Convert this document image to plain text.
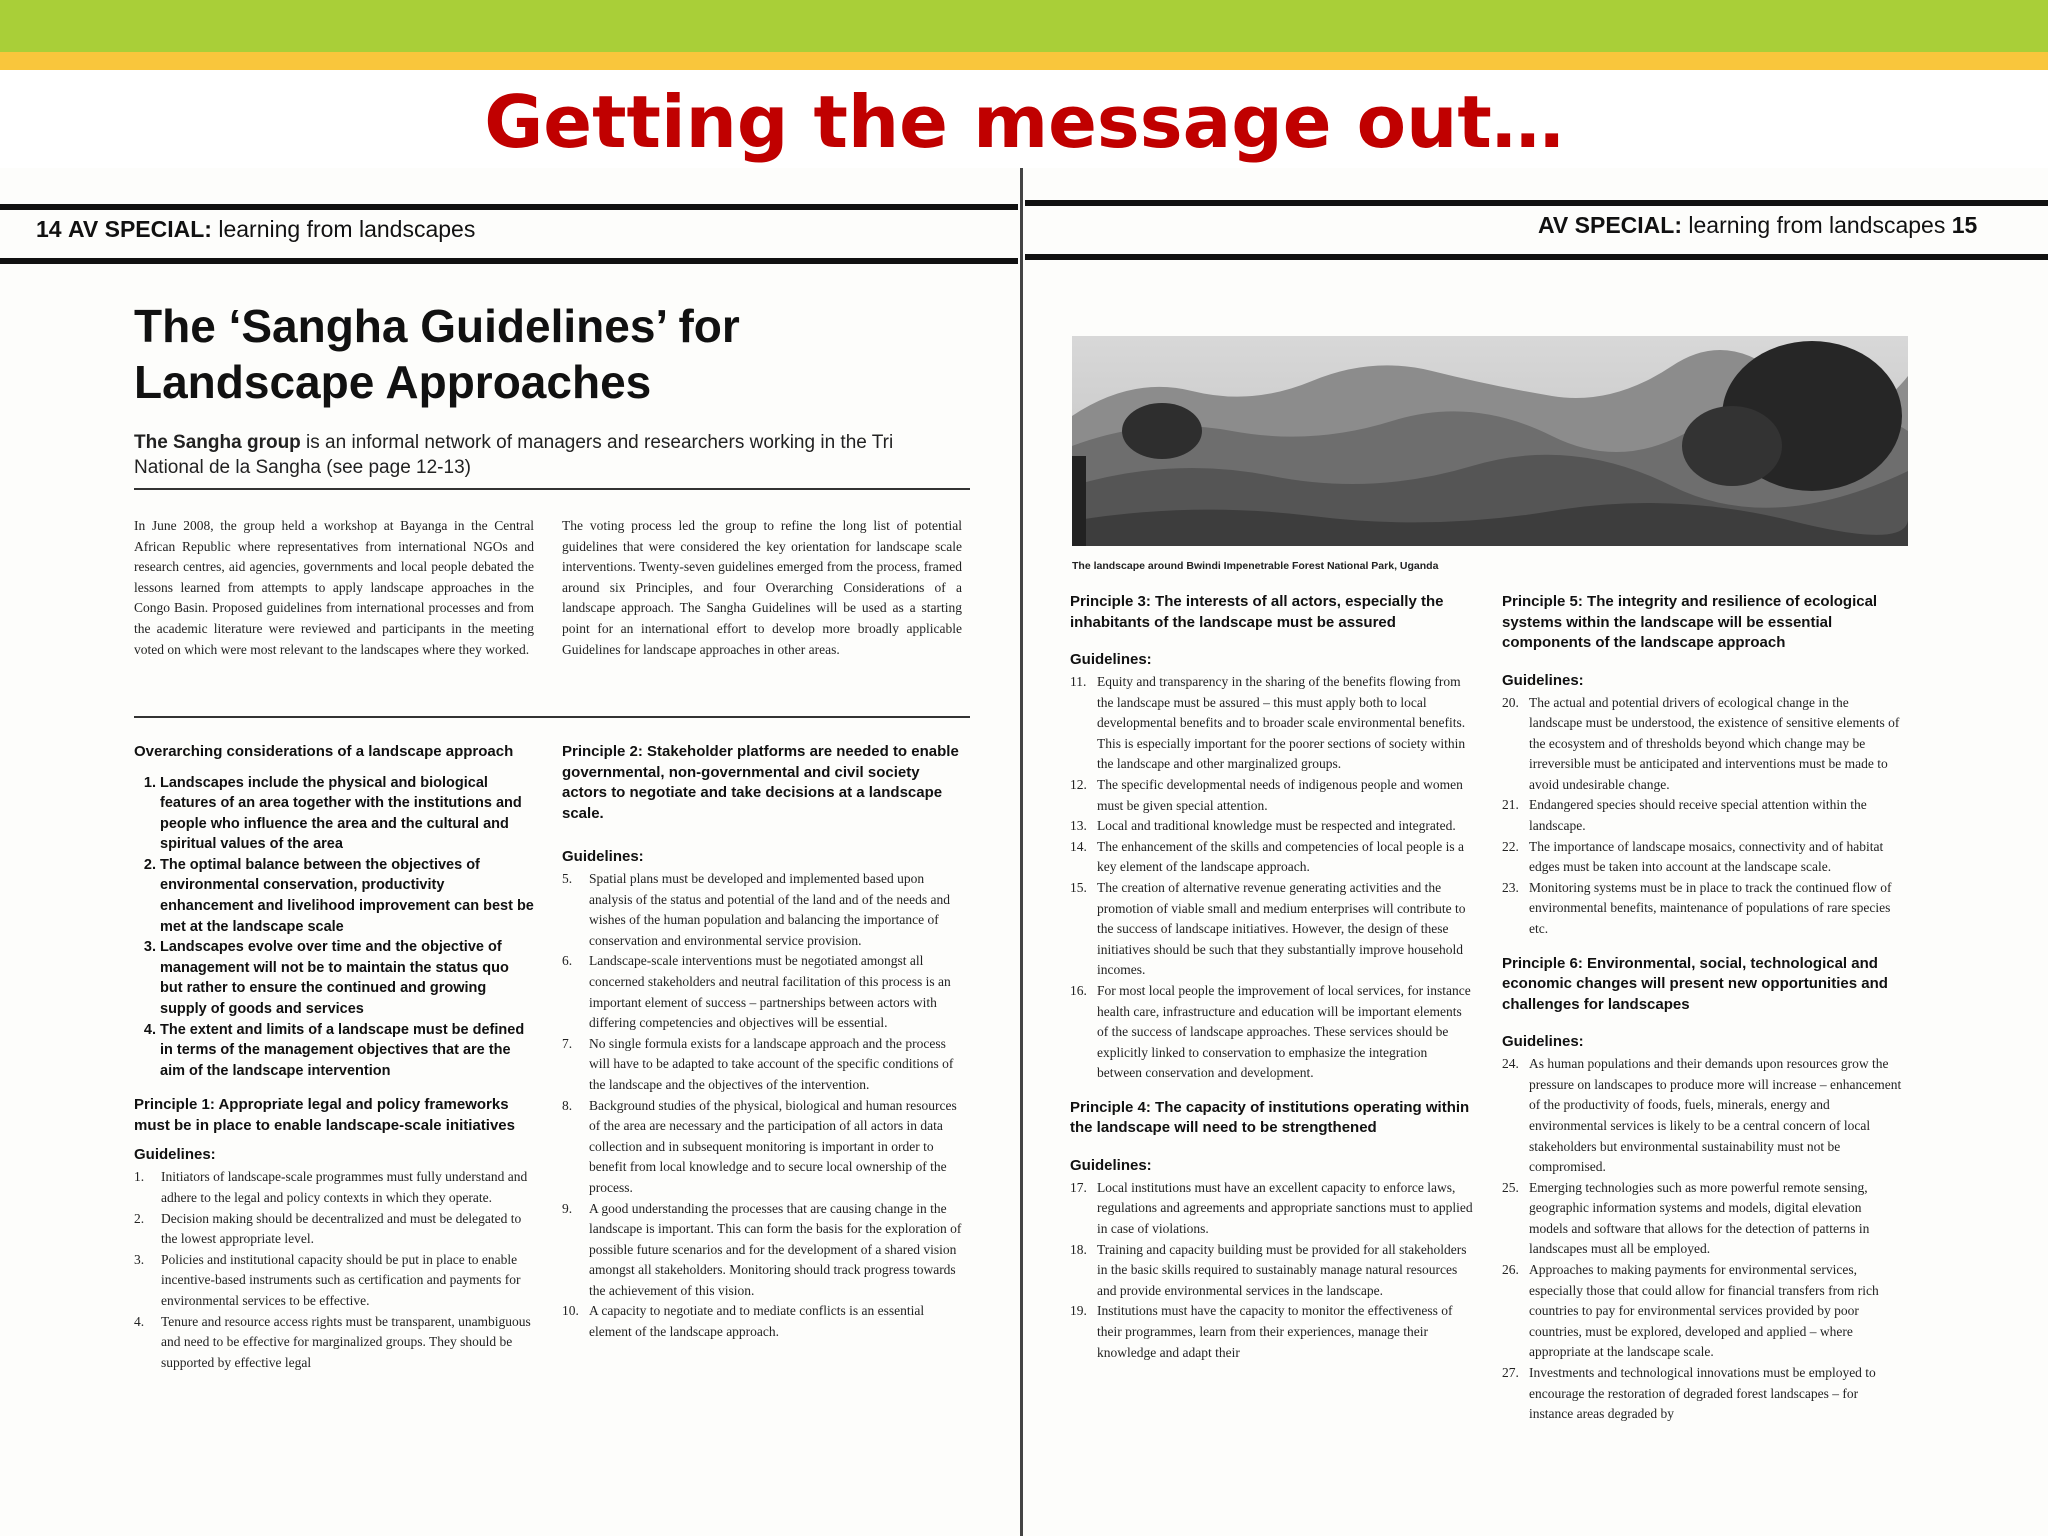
Getting the message out…
14 AV SPECIAL: learning from landscapes	AV SPECIAL: learning from landscapes 15
The ‘Sangha Guidelines’ for
Landscape Approaches
The Sangha group is an informal network of managers and researchers working in the Tri National de la Sangha (see page 12-13)
In June 2008, the group held a workshop at Bayanga in the Central African Republic where representatives from international NGOs and research centres, aid agencies, governments and local people debated the lessons learned from attempts to apply landscape approaches in the Congo Basin. Proposed guidelines from international processes and from the academic literature were reviewed and participants in the meeting voted on which were most relevant to the landscapes where they worked.
The voting process led the group to refine the long list of potential guidelines that were considered the key orientation for landscape scale interventions. Twenty-seven guidelines emerged from the process, framed around six Principles, and four Overarching Considerations of a landscape approach. The Sangha Guidelines will be used as a starting point for an international effort to develop more broadly applicable Guidelines for landscape approaches in other areas.

Overarching considerations of a landscape approach

1. Landscapes include the physical and biological features of an area together with the institutions and people who influence the area and the cultural and spiritual values of the area
2. The optimal balance between the objectives of environmental conservation, productivity enhancement and livelihood improvement can best be met at the landscape scale
3. Landscapes evolve over time and the objective of management will not be to maintain the status quo but rather to ensure the continued and growing supply of goods and services
4. The extent and limits of a landscape must be defined in terms of the management objectives that are the aim of the landscape intervention

Principle 1: Appropriate legal and policy frameworks must be in place to enable landscape-scale initiatives

Guidelines:

1.	Initiators of landscape-scale programmes must fully understand and adhere to the legal and policy contexts in which they operate.
2.	Decision making should be decentralized and must be delegated to the lowest appropriate level.
3.	Policies and institutional capacity should be put in place to enable incentive-based instruments such as certification and payments for environmental services to be effective.
4.	Tenure and resource access rights must be transparent, unambiguous and need to be effective for marginalized groups. They should be supported by effective legal

Principle 2: Stakeholder platforms are needed to enable governmental, non-governmental and civil society actors to negotiate and take decisions at a landscape scale.

Guidelines:

5.	Spatial plans must be developed and implemented based upon analysis of the status and potential of the land and of the needs and wishes of the human population and balancing the importance of conservation and environmental service provision.
6.	Landscape-scale interventions must be negotiated amongst all concerned stakeholders and neutral facilitation of this process is an important element of success – partnerships between actors with differing competencies and objectives will be essential.
7.	No single formula exists for a landscape approach and the process will have to be adapted to take account of the specific conditions of the landscape and the objectives of the intervention.
8.	Background studies of the physical, biological and human resources of the area are necessary and the participation of all actors in data collection and in subsequent monitoring is important in order to benefit from local knowledge and to secure local ownership of the process.
9.	A good understanding the processes that are causing change in the landscape is important. This can form the basis for the exploration of possible future scenarios and for the development of a shared vision amongst all stakeholders. Monitoring should track progress towards the achievement of this vision.
10. A capacity to negotiate and to mediate conflicts is an essential element of the landscape approach.
The landscape around Bwindi Impenetrable Forest National Park, Uganda

Principle 3: The interests of all actors, especially the inhabitants of the landscape must be assured

Guidelines:

11. Equity and transparency in the sharing of the benefits flowing from the landscape must be assured – this must apply both to local developmental benefits and to broader scale environmental benefits. This is especially important for the poorer sections of society within the landscape and other marginalized groups.
12. The specific developmental needs of indigenous people and women must be given special attention.
13. Local and traditional knowledge must be respected and integrated.
14. The enhancement of the skills and competencies of local people is a key element of the landscape approach.
15. The creation of alternative revenue generating activities and the promotion of viable small and medium enterprises will contribute to the success of landscape initiatives. However, the design of these initiatives should be such that they substantially improve household incomes.
16. For most local people the improvement of local services, for instance health care, infrastructure and education will be important elements of the success of landscape approaches. These services should be explicitly linked to conservation to emphasize the integration between conservation and development.

Principle 4: The capacity of institutions operating within the landscape will need to be strengthened

Guidelines:

17. Local institutions must have an excellent capacity to enforce laws, regulations and agreements and appropriate sanctions must to applied in case of violations.
18. Training and capacity building must be provided for all stakeholders in the basic skills required to sustainably manage natural resources and provide environmental services in the landscape.
19. Institutions must have the capacity to monitor the effectiveness of their programmes, learn from their experiences, manage their knowledge and adapt their

Principle 5: The integrity and resilience of ecological systems within the landscape will be essential components of the landscape approach

Guidelines:

20. The actual and potential drivers of ecological change in the landscape must be understood, the existence of sensitive elements of the ecosystem and of thresholds beyond which change may be irreversible must be anticipated and interventions must be made to avoid undesirable change.
21. Endangered species should receive special attention within the landscape.
22. The importance of landscape mosaics, connectivity and of habitat edges must be taken into account at the landscape scale.
23. Monitoring systems must be in place to track the continued flow of environmental benefits, maintenance of populations of rare species etc.

Principle 6: Environmental, social, technological and economic changes will present new opportunities and challenges for landscapes

Guidelines:

24. As human populations and their demands upon resources grow the pressure on landscapes to produce more will increase – enhancement of the productivity of foods, fuels, minerals, energy and environmental services is likely to be a central concern of local stakeholders but environmental sustainability must not be compromised.
25. Emerging technologies such as more powerful remote sensing, geographic information systems and models, digital elevation models and software that allows for the detection of patterns in landscapes must all be employed.
26. Approaches to making payments for environmental services, especially those that could allow for financial transfers from rich countries to pay for environmental services provided by poor countries, must be explored, developed and applied – where appropriate at the landscape scale.
27. Investments and technological innovations must be employed to encourage the restoration of degraded forest landscapes – for instance areas degraded by
